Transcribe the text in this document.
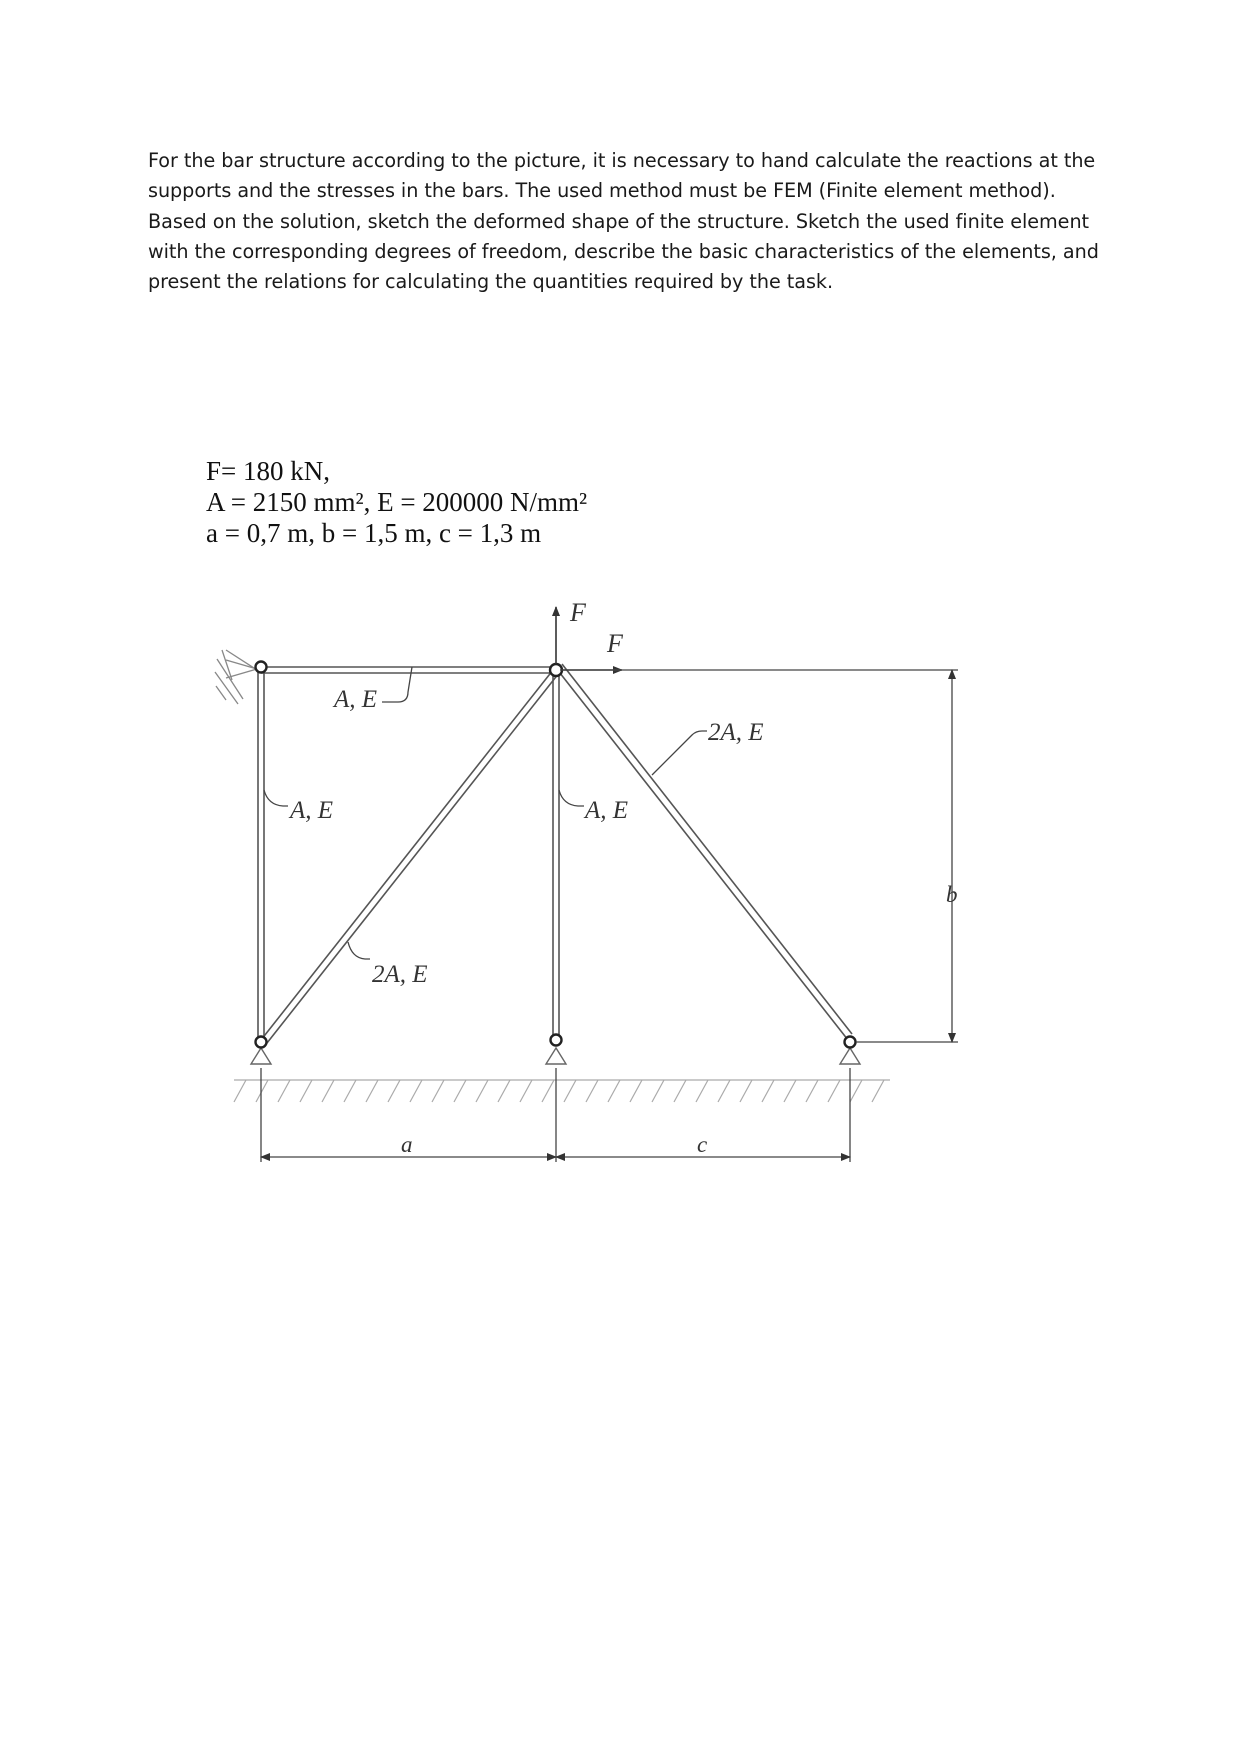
For the bar structure according to the picture, it is necessary to hand calculate the reactions at the supports and the stresses in the bars. The used method must be FEM (Finite element method). Based on the solution, sketch the deformed shape of the structure. Sketch the used finite element with the corresponding degrees of freedom, describe the basic characteristics of the elements, and present the relations for calculating the quantities required by the task.

F= 180 kN,
A = 2150 mm², E = 200000 N/mm²
a = 0,7 m, b = 1,5 m, c = 1,3 m
F
F
A, E
A, E	A, E
2A, E
2A, E
a	c
b
